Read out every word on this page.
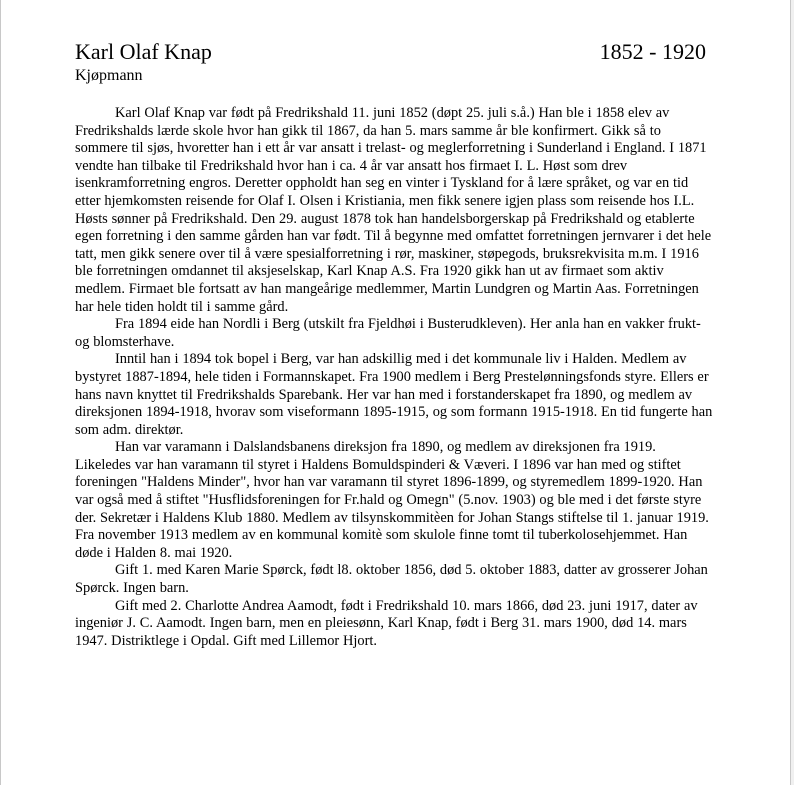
Karl Olaf Knap	1852 - 1920
Kjøpmann

Karl Olaf Knap var født på Fredrikshald 11. juni 1852 (døpt 25. juli s.å.) Han ble i 1858 elev av Fredrikshalds lærde skole hvor han gikk til 1867, da han 5. mars samme år ble konfirmert. Gikk så to sommere til sjøs, hvoretter han i ett år var ansatt i trelast- og meglerforretning i Sunderland i England. I 1871 vendte han tilbake til Fredrikshald hvor han i ca. 4 år var ansatt hos firmaet I. L. Høst som drev isenkramforretning engros. Deretter oppholdt han seg en vinter i Tyskland for å lære språket, og var en tid etter hjemkomsten reisende for Olaf I. Olsen i Kristiania, men fikk senere igjen plass som reisende hos I.L. Høsts sønner på Fredrikshald. Den 29. august 1878 tok han handelsborgerskap på Fredrikshald og etablerte egen forretning i den samme gården han var født. Til å begynne med omfattet forretningen jernvarer i det hele tatt, men gikk senere over til å være spesialforretning i rør, maskiner, støpegods, bruksrekvisita m.m. I 1916 ble forretningen omdannet til aksjeselskap, Karl Knap A.S. Fra 1920 gikk han ut av firmaet som aktiv medlem. Firmaet ble fortsatt av han mangeårige medlemmer, Martin Lundgren og Martin Aas. Forretningen har hele tiden holdt til i samme gård.

Fra 1894 eide han Nordli i Berg (utskilt fra Fjeldhøi i Busterudkleven). Her anla han en vakker frukt- og blomsterhave.

Inntil han i 1894 tok bopel i Berg, var han adskillig med i det kommunale liv i Halden. Medlem av bystyret 1887-1894, hele tiden i Formannskapet. Fra 1900 medlem i Berg Prestelønningsfonds styre. Ellers er hans navn knyttet til Fredrikshalds Sparebank. Her var han med i forstanderskapet fra 1890, og medlem av direksjonen 1894-1918, hvorav som viseformann 1895-1915, og som formann 1915-1918. En tid fungerte han som adm. direktør.

Han var varamann i Dalslandsbanens direksjon fra 1890, og medlem av direksjonen fra 1919. Likeledes var han varamann til styret i Haldens Bomuldspinderi & Væveri. I 1896 var han med og stiftet foreningen "Haldens Minder", hvor han var varamann til styret 1896-1899, og styremedlem 1899-1920. Han var også med å stiftet "Husflidsforeningen for Fr.hald og Omegn" (5.nov. 1903) og ble med i det første styre der. Sekretær i Haldens Klub 1880. Medlem av tilsynskommitèen for Johan Stangs stiftelse til 1. januar 1919. Fra november 1913 medlem av en kommunal komitè som skulole finne tomt til tuberkolosehjemmet. Han døde i Halden 8. mai 1920.

Gift 1. med Karen Marie Spørck, født l8. oktober 1856, død 5. oktober 1883, datter av grosserer Johan Spørck. Ingen barn.

Gift med 2. Charlotte Andrea Aamodt, født i Fredrikshald 10. mars 1866, død 23. juni 1917, dater av ingeniør J. C. Aamodt. Ingen barn, men en pleiesønn, Karl Knap, født i Berg 31. mars 1900, død 14. mars 1947. Distriktlege i Opdal. Gift med Lillemor Hjort.
